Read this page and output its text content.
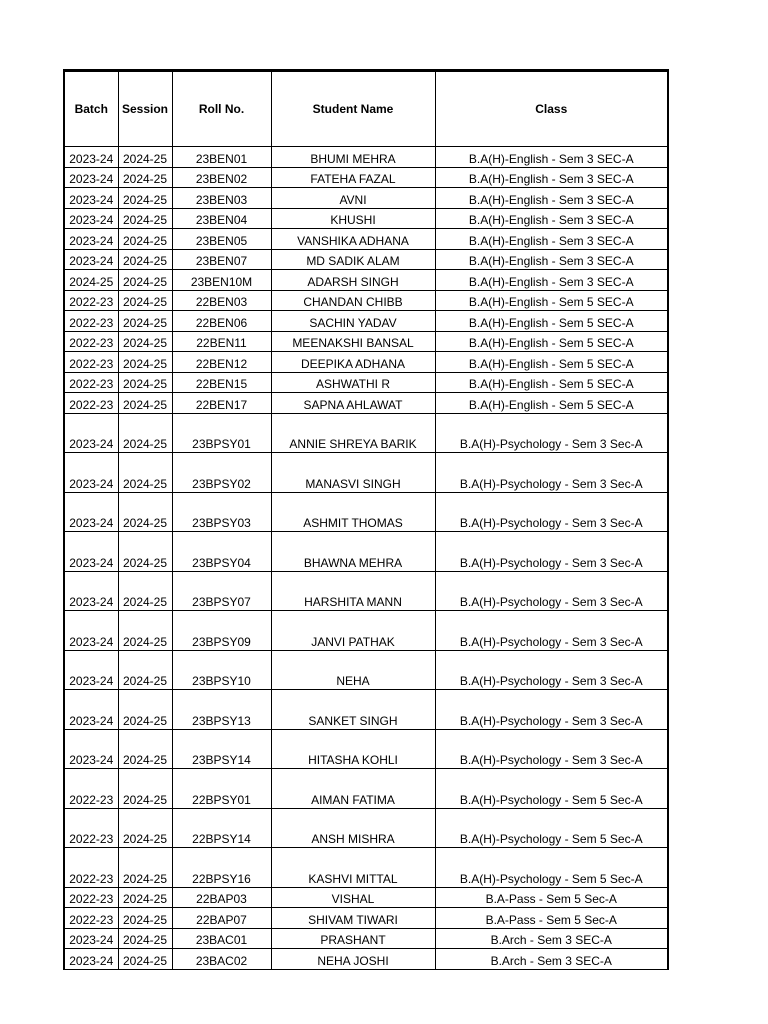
Batch	Session	Roll No.	Student Name	Class
2023-24	2024-25	23BEN01	BHUMI MEHRA	B.A(H)-English - Sem 3 SEC-A
2023-24	2024-25	23BEN02	FATEHA FAZAL	B.A(H)-English - Sem 3 SEC-A
2023-24	2024-25	23BEN03	AVNI	B.A(H)-English - Sem 3 SEC-A
2023-24	2024-25	23BEN04	KHUSHI	B.A(H)-English - Sem 3 SEC-A
2023-24	2024-25	23BEN05	VANSHIKA ADHANA	B.A(H)-English - Sem 3 SEC-A
2023-24	2024-25	23BEN07	MD SADIK ALAM	B.A(H)-English - Sem 3 SEC-A
2024-25	2024-25	23BEN10M	ADARSH SINGH	B.A(H)-English - Sem 3 SEC-A
2022-23	2024-25	22BEN03	CHANDAN CHIBB	B.A(H)-English - Sem 5 SEC-A
2022-23	2024-25	22BEN06	SACHIN YADAV	B.A(H)-English - Sem 5 SEC-A
2022-23	2024-25	22BEN11	MEENAKSHI BANSAL	B.A(H)-English - Sem 5 SEC-A
2022-23	2024-25	22BEN12	DEEPIKA ADHANA	B.A(H)-English - Sem 5 SEC-A
2022-23	2024-25	22BEN15	ASHWATHI R	B.A(H)-English - Sem 5 SEC-A
2022-23	2024-25	22BEN17	SAPNA AHLAWAT	B.A(H)-English - Sem 5 SEC-A
2023-24	2024-25	23BPSY01	ANNIE SHREYA BARIK	B.A(H)-Psychology - Sem 3 Sec-A
2023-24	2024-25	23BPSY02	MANASVI SINGH	B.A(H)-Psychology - Sem 3 Sec-A
2023-24	2024-25	23BPSY03	ASHMIT THOMAS	B.A(H)-Psychology - Sem 3 Sec-A
2023-24	2024-25	23BPSY04	BHAWNA MEHRA	B.A(H)-Psychology - Sem 3 Sec-A
2023-24	2024-25	23BPSY07	HARSHITA MANN	B.A(H)-Psychology - Sem 3 Sec-A
2023-24	2024-25	23BPSY09	JANVI PATHAK	B.A(H)-Psychology - Sem 3 Sec-A
2023-24	2024-25	23BPSY10	NEHA	B.A(H)-Psychology - Sem 3 Sec-A
2023-24	2024-25	23BPSY13	SANKET SINGH	B.A(H)-Psychology - Sem 3 Sec-A
2023-24	2024-25	23BPSY14	HITASHA KOHLI	B.A(H)-Psychology - Sem 3 Sec-A
2022-23	2024-25	22BPSY01	AIMAN FATIMA	B.A(H)-Psychology - Sem 5 Sec-A
2022-23	2024-25	22BPSY14	ANSH MISHRA	B.A(H)-Psychology - Sem 5 Sec-A
2022-23	2024-25	22BPSY16	KASHVI MITTAL	B.A(H)-Psychology - Sem 5 Sec-A
2022-23	2024-25	22BAP03	VISHAL	B.A-Pass - Sem 5 Sec-A
2022-23	2024-25	22BAP07	SHIVAM TIWARI	B.A-Pass - Sem 5 Sec-A
2023-24	2024-25	23BAC01	PRASHANT	B.Arch - Sem 3 SEC-A
2023-24	2024-25	23BAC02	NEHA JOSHI	B.Arch - Sem 3 SEC-A
